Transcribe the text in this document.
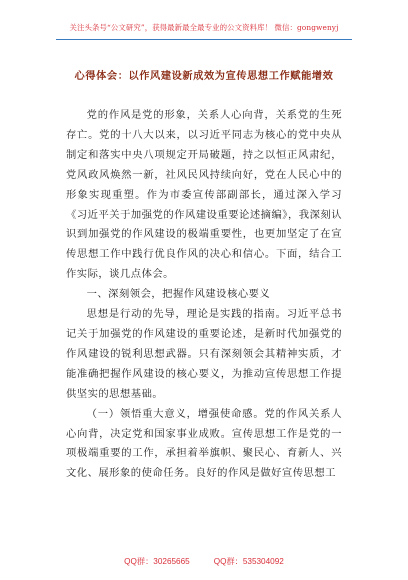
关注头条号“公文研究”，获得最新最全最专业的公文资料库！ 微信：gongwenyj
心得体会：以作风建设新成效为宣传思想工作赋能增效

党的作风是党的形象，关系人心向背，关系党的生死存亡。党的十八大以来，以习近平同志为核心的党中央从制定和落实中央八项规定开局破题，持之以恒正风肃纪，党风政风焕然一新，社风民风持续向好，党在人民心中的形象实现重塑。作为市委宣传部副部长，通过深入学习《习近平关于加强党的作风建设重要论述摘编》，我深刻认识到加强党的作风建设的极端重要性，也更加坚定了在宣传思想工作中践行优良作风的决心和信心。下面，结合工作实际，谈几点体会。

一、深刻领会，把握作风建设核心要义

思想是行动的先导，理论是实践的指南。习近平总书记关于加强党的作风建设的重要论述，是新时代加强党的作风建设的锐利思想武器。只有深刻领会其精神实质，才能准确把握作风建设的核心要义，为推动宣传思想工作提供坚实的思想基础。

（一）领悟重大意义，增强使命感。党的作风关系人心向背，决定党和国家事业成败。宣传思想工作是党的一项极端重要的工作，承担着举旗帜、聚民心、育新人、兴文化、展形象的使命任务。良好的作风是做好宣传思想工

QQ群：30265665	QQ群：535304092
